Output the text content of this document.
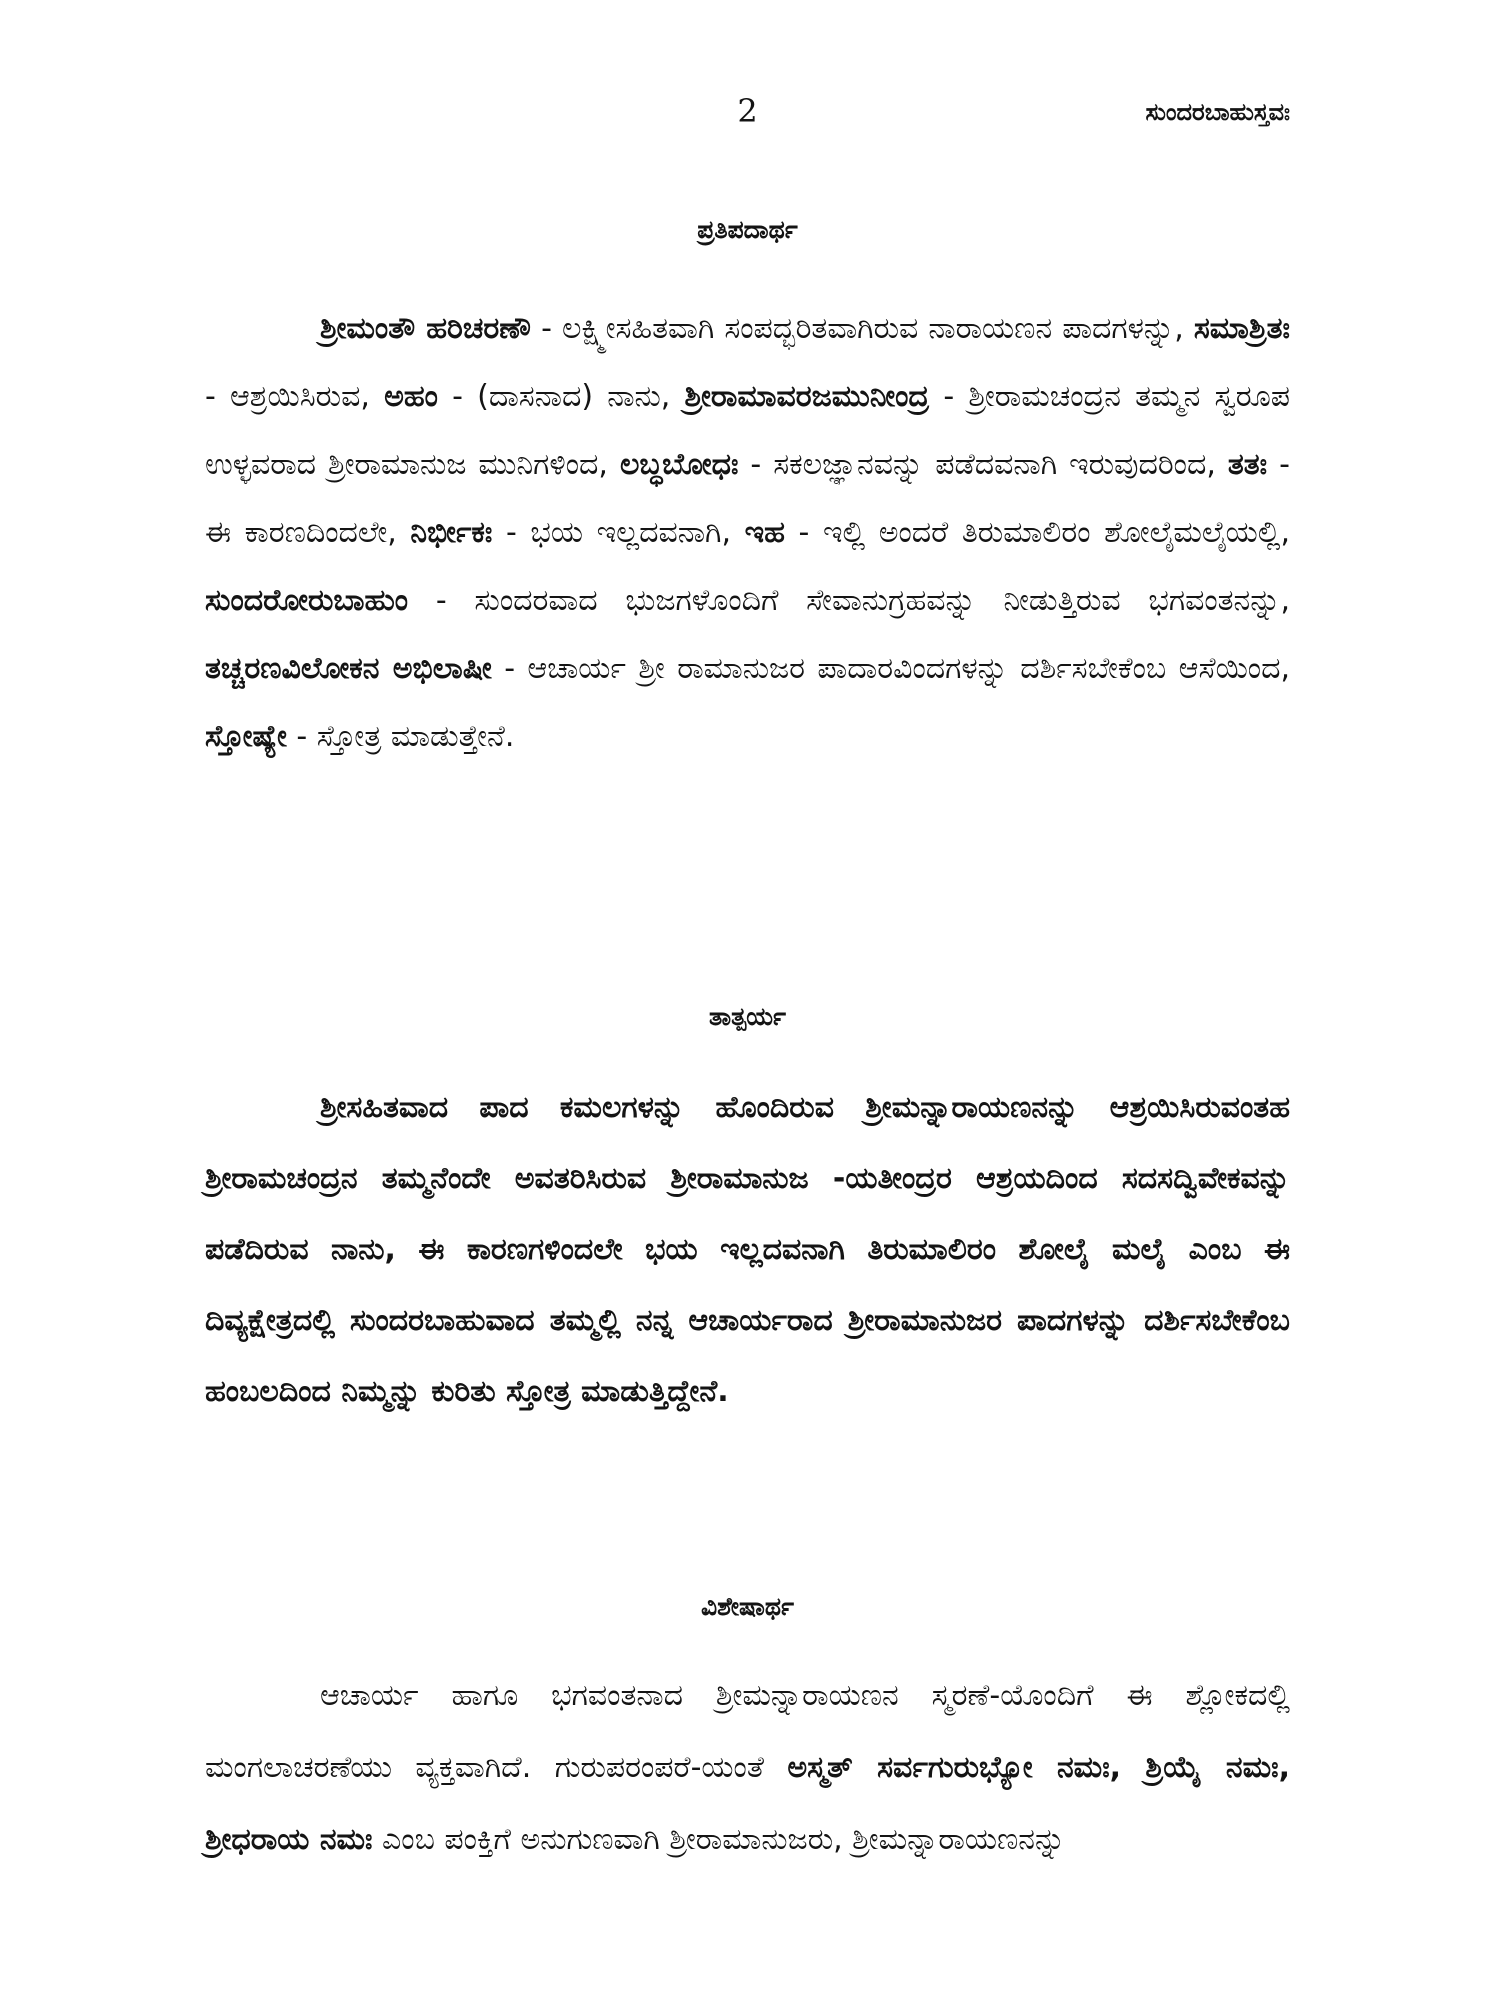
2	ಸುಂದರಬಾಹುಸ್ತವಃ
ಪ್ರತಿಪದಾರ್ಥ

ಶ್ರೀಮಂತೌ ಹರಿಚರಣೌ - ಲಕ್ಷ್ಮೀಸಹಿತವಾಗಿ ಸಂಪದ್ಭರಿತವಾಗಿರುವ ನಾರಾಯಣನ ಪಾದಗಳನ್ನು, ಸಮಾಶ್ರಿತಃ - ಆಶ್ರಯಿಸಿರುವ, ಅಹಂ - (ದಾಸನಾದ) ನಾನು, ಶ್ರೀರಾಮಾವರಜಮುನೀಂದ್ರ - ಶ್ರೀರಾಮಚಂದ್ರನ ತಮ್ಮನ ಸ್ವರೂಪ ಉಳ್ಳವರಾದ ಶ್ರೀರಾಮಾನುಜ ಮುನಿಗಳಿಂದ, ಲಬ್ಧಬೋಧಃ - ಸಕಲಜ್ಞಾನವನ್ನು ಪಡೆದವನಾಗಿ ಇರುವುದರಿಂದ, ತತಃ - ಈ ಕಾರಣದಿಂದಲೇ, ನಿರ್ಭೀಕಃ - ಭಯ ಇಲ್ಲದವನಾಗಿ, ಇಹ - ಇಲ್ಲಿ ಅಂದರೆ ತಿರುಮಾಲಿರಂ ಶೋಲೈಮಲೈಯಲ್ಲಿ, ಸುಂದರೋರುಬಾಹುಂ - ಸುಂದರವಾದ ಭುಜಗಳೊಂದಿಗೆ ಸೇವಾನುಗ್ರಹವನ್ನು ನೀಡುತ್ತಿರುವ ಭಗವಂತನನ್ನು, ತಚ್ಚರಣವಿಲೋಕನ ಅಭಿಲಾಷೀ - ಆಚಾರ್ಯ ಶ್ರೀ ರಾಮಾನುಜರ ಪಾದಾರವಿಂದಗಳನ್ನು ದರ್ಶಿಸಬೇಕೆಂಬ ಆಸೆಯಿಂದ, ಸ್ತೋಷ್ಯೇ - ಸ್ತೋತ್ರ ಮಾಡುತ್ತೇನೆ.

ತಾತ್ಪರ್ಯ

ಶ್ರೀಸಹಿತವಾದ ಪಾದ ಕಮಲಗಳನ್ನು ಹೊಂದಿರುವ ಶ್ರೀಮನ್ನಾರಾಯಣನನ್ನು ಆಶ್ರಯಿಸಿರುವಂತಹ ಶ್ರೀರಾಮಚಂದ್ರನ ತಮ್ಮನೆಂದೇ ಅವತರಿಸಿರುವ ಶ್ರೀರಾಮಾನುಜ -ಯತೀಂದ್ರರ ಆಶ್ರಯದಿಂದ ಸದಸದ್ವಿವೇಕವನ್ನು ಪಡೆದಿರುವ ನಾನು, ಈ ಕಾರಣಗಳಿಂದಲೇ ಭಯ ಇಲ್ಲದವನಾಗಿ ತಿರುಮಾಲಿರಂ ಶೋಲೈ ಮಲೈ ಎಂಬ ಈ ದಿವ್ಯಕ್ಷೇತ್ರದಲ್ಲಿ ಸುಂದರಬಾಹುವಾದ ತಮ್ಮಲ್ಲಿ ನನ್ನ ಆಚಾರ್ಯರಾದ ಶ್ರೀರಾಮಾನುಜರ ಪಾದಗಳನ್ನು ದರ್ಶಿಸಬೇಕೆಂಬ ಹಂಬಲದಿಂದ ನಿಮ್ಮನ್ನು ಕುರಿತು ಸ್ತೋತ್ರ ಮಾಡುತ್ತಿದ್ದೇನೆ.

ವಿಶೇಷಾರ್ಥ

ಆಚಾರ್ಯ ಹಾಗೂ ಭಗವಂತನಾದ ಶ್ರೀಮನ್ನಾರಾಯಣನ ಸ್ಮರಣೆ-ಯೊಂದಿಗೆ ಈ ಶ್ಲೋಕದಲ್ಲಿ ಮಂಗಲಾಚರಣೆಯು ವ್ಯಕ್ತವಾಗಿದೆ. ಗುರುಪರಂಪರೆ-ಯಂತೆ ಅಸ್ಮತ್ ಸರ್ವಗುರುಭ್ಯೋ ನಮಃ, ಶ್ರಿಯೈ ನಮಃ, ಶ್ರೀಧರಾಯ ನಮಃ ಎಂಬ ಪಂಕ್ತಿಗೆ ಅನುಗುಣವಾಗಿ ಶ್ರೀರಾಮಾನುಜರು, ಶ್ರೀಮನ್ನಾರಾಯಣನನ್ನು
